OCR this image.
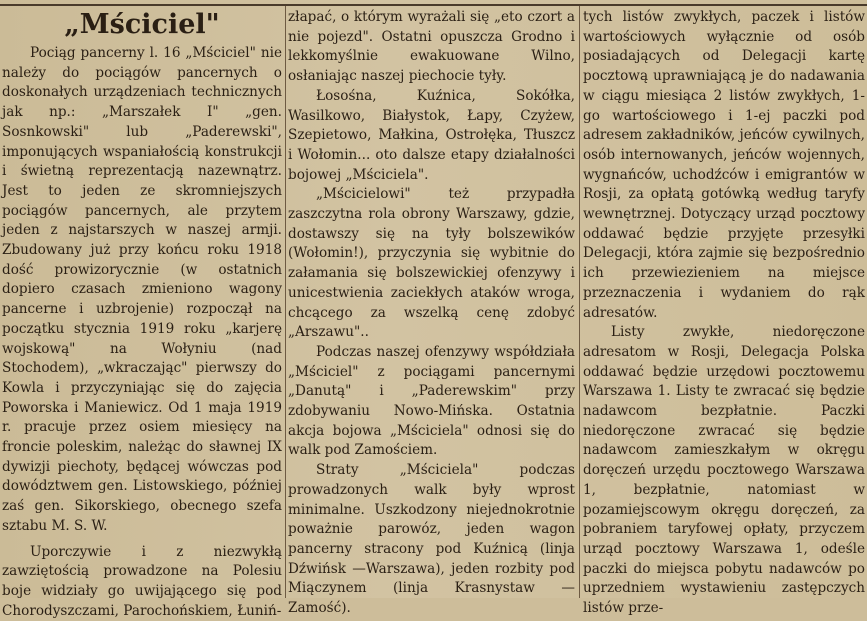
„Mściciel"

Pociąg pancerny l. 16 „Mściciel" nie należy do pociągów pancernych o doskonałych urządzeniach technicznych jak np.: „Marszałek I" „gen. Sosnkowski" lub „Paderewski", imponujących wspaniałością konstrukcji i świetną reprezentacją nazewnątrz. Jest to jeden ze skromniejszych pociągów pancernych, ale przytem jeden z najstarszych w naszej armji. Zbudowany już przy końcu roku 1918 dość prowizorycznie (w ostatnich dopiero czasach zmieniono wagony pancerne i uzbrojenie) rozpoczął na początku stycznia 1919 roku „karjerę wojskową" na Wołyniu (nad Stochodem), „wkraczając" pierwszy do Kowla i przyczyniając się do zajęcia Poworska i Maniewicz. Od 1 maja 1919 r. pracuje przez osiem miesięcy na froncie poleskim, należąc do sławnej IX dywizji piechoty, będącej wówczas pod dowództwem gen. Listowskiego, później zaś gen. Sikorskiego, obecnego szefa sztabu M. S. W.

Uporczywie i z niezwykłą zawziętością prowadzone na Polesiu boje widziały go uwijającego się pod Chorodyszczami, Parochońskiem, Łuniń-

złapać, o którym wyrażali się „eto czort a nie pojezd". Ostatni opuszcza Grodno i lekkomyślnie ewakuowane Wilno, osłaniając naszej piechocie tyły.

Łosośna, Kuźnica, Sokółka, Wasilkowo, Białystok, Łapy, Czyżew, Szepietowo, Małkina, Ostrołęka, Tłuszcz i Wołomin... oto dalsze etapy działalności bojowej „Mściciela".

„Mścicielowi" też przypadła zaszczytna rola obrony Warszawy, gdzie, dostawszy się na tyły bolszewików (Wołomin!), przyczynia się wybitnie do załamania się bolszewickiej ofenzywy i unicestwienia zaciekłych ataków wroga, chcącego za wszelką cenę zdobyć „Arszawu"..

Podczas naszej ofenzywy współdziała „Mściciel" z pociągami pancernymi „Danutą" i „Paderewskim" przy zdobywaniu Nowo-Mińska. Ostatnia akcja bojowa „Mściciela" odnosi się do walk pod Zamościem.

Straty „Mściciela" podczas prowadzonych walk były wprost minimalne. Uszkodzony niejednokrotnie poważnie parowóz, jeden wagon pancerny stracony pod Kuźnicą (linja Dźwińsk —Warszawa), jeden rozbity pod Miączynem (linja Krasnystaw — Zamość).

tych listów zwykłych, paczek i listów wartościowych wyłącznie od osób posiadających od Delegacji kartę pocztową uprawniającą je do nadawania w ciągu miesiąca 2 listów zwykłych, 1-go wartościowego i 1-ej paczki pod adresem zakładników, jeńców cywilnych, osób internowanych, jeńców wojennych, wygnańców, uchodźców i emigrantów w Rosji, za opłatą gotówką według taryfy wewnętrznej. Dotyczący urząd pocztowy oddawać będzie przyjęte przesyłki Delegacji, która zajmie się bezpośrednio ich przewiezieniem na miejsce przeznaczenia i wydaniem do rąk adresatów.

Listy zwykłe, niedoręczone adresatom w Rosji, Delegacja Polska oddawać będzie urzędowi pocztowemu Warszawa 1. Listy te zwracać się będzie nadawcom bezpłatnie. Paczki niedoręczone zwracać się będzie nadawcom zamieszkałym w okręgu doręczeń urzędu pocztowego Warszawa 1, bezpłatnie, natomiast w pozamiejscowym okręgu doręczeń, za pobraniem taryfowej opłaty, przyczem urząd pocztowy Warszawa 1, odeśle paczki do miejsca pobytu nadawców po uprzedniem wystawieniu zastępczych listów prze-
